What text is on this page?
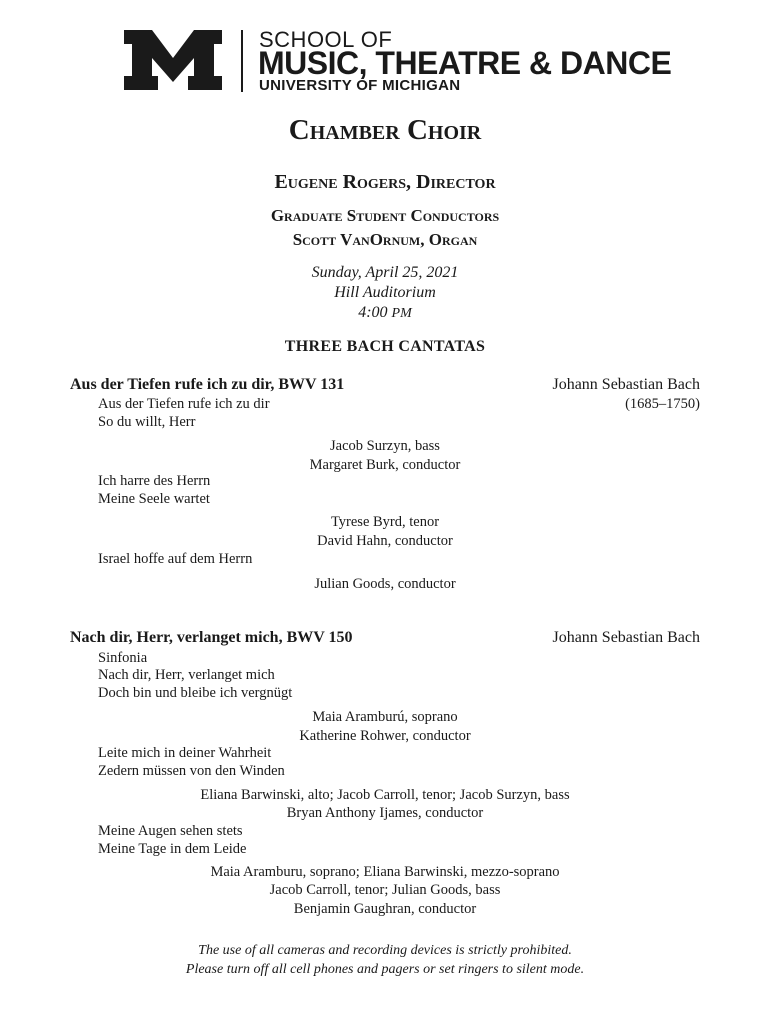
SCHOOL OF
MUSIC, THEATRE & DANCE
UNIVERSITY OF MICHIGAN
Chamber Choir
Eugene Rogers, Director
Graduate Student Conductors
Scott VanOrnum, Organ
Sunday, April 25, 2021
Hill Auditorium
4:00 PM
THREE BACH CANTATAS
Aus der Tiefen rufe ich zu dir, BWV 131	Johann Sebastian Bach
(1685–1750)
Aus der Tiefen rufe ich zu dir
So du willt, Herr
Jacob Surzyn, bass
Margaret Burk, conductor
Ich harre des Herrn
Meine Seele wartet
Tyrese Byrd, tenor
David Hahn, conductor
Israel hoffe auf dem Herrn
Julian Goods, conductor
Nach dir, Herr, verlanget mich, BWV 150	Johann Sebastian Bach
Sinfonia
Nach dir, Herr, verlanget mich
Doch bin und bleibe ich vergnügt
Maia Aramburú, soprano
Katherine Rohwer, conductor
Leite mich in deiner Wahrheit
Zedern müssen von den Winden
Eliana Barwinski, alto; Jacob Carroll, tenor; Jacob Surzyn, bass
Bryan Anthony Ijames, conductor
Meine Augen sehen stets
Meine Tage in dem Leide
Maia Aramburu, soprano; Eliana Barwinski, mezzo-soprano
Jacob Carroll, tenor; Julian Goods, bass
Benjamin Gaughran, conductor
The use of all cameras and recording devices is strictly prohibited.
Please turn off all cell phones and pagers or set ringers to silent mode.
